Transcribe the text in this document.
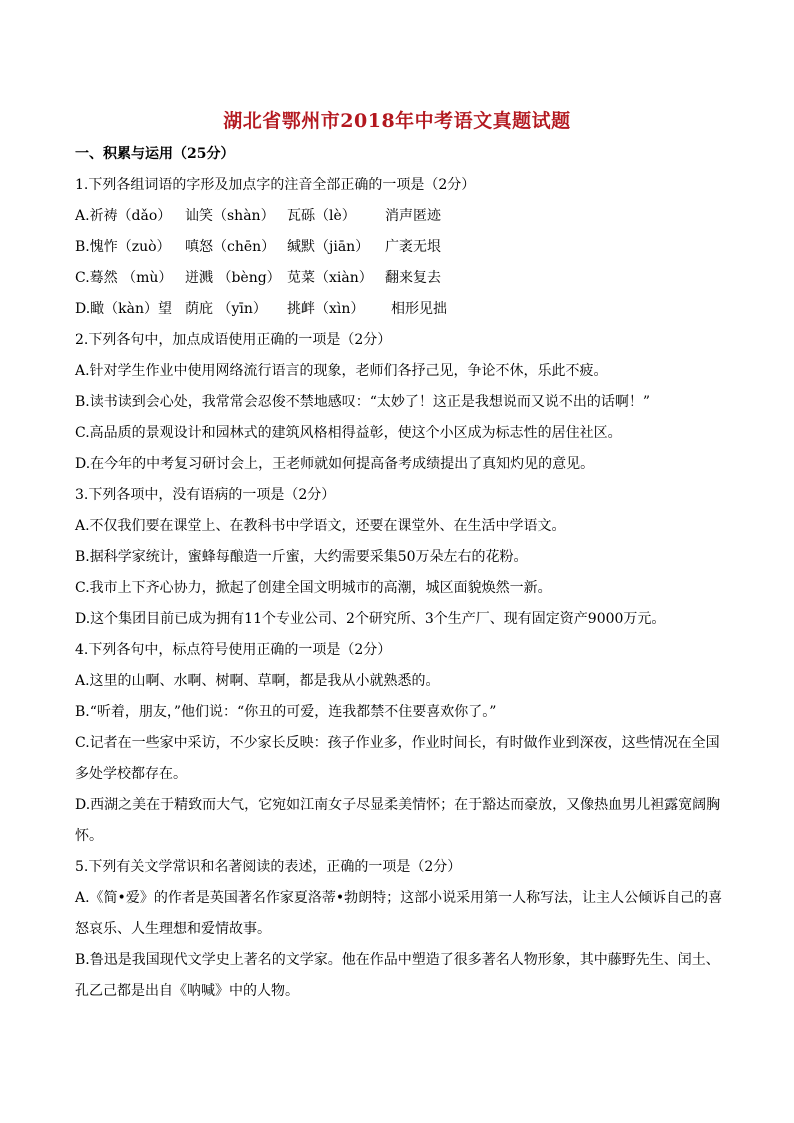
湖北省鄂州市2018年中考语文真题试题
一、积累与运用（25分）
1.下列各组词语的字形及加点字的注音全部正确的一项是（2分）
A.祈祷（dǎo） 讪笑（shàn） 瓦砾（lè）	消声匿迹
B.愧怍（zuò）	嗔怒（chēn） 缄默（jiān）	广袤无垠
C.蓦然 （mù） 迸溅 （bèng） 苋菜（xiàn） 翻来复去
D.瞰（kàn）望 荫庇 （yīn）	挑衅（xìn）	相形见拙
2.下列各句中，加点成语使用正确的一项是（2分）
A.针对学生作业中使用网络流行语言的现象，老师们各抒己见，争论不休，乐此不疲。
B.读书读到会心处，我常常会忍俊不禁地感叹：“太妙了！这正是我想说而又说不出的话啊！”
C.高品质的景观设计和园林式的建筑风格相得益彰，使这个小区成为标志性的居住社区。
D.在今年的中考复习研讨会上，王老师就如何提高备考成绩提出了真知灼见的意见。
3.下列各项中，没有语病的一项是（2分）
A.不仅我们要在课堂上、在教科书中学语文，还要在课堂外、在生活中学语文。
B.据科学家统计，蜜蜂每酿造一斤蜜，大约需要采集50万朵左右的花粉。
C.我市上下齐心协力，掀起了创建全国文明城市的高潮，城区面貌焕然一新。
D.这个集团目前已成为拥有11个专业公司、2个研究所、3个生产厂、现有固定资产9000万元。
4.下列各句中，标点符号使用正确的一项是（2分）
A.这里的山啊、水啊、树啊、草啊，都是我从小就熟悉的。
B.“听着，朋友，”他们说：“你丑的可爱，连我都禁不住要喜欢你了。”
C.记者在一些家中采访，不少家长反映：孩子作业多，作业时间长，有时做作业到深夜，这些情况在全国
多处学校都存在。
D.西湖之美在于精致而大气，它宛如江南女子尽显柔美情怀；在于豁达而豪放，又像热血男儿袒露宽阔胸
怀。
5.下列有关文学常识和名著阅读的表述，正确的一项是（2分）
A.《简•爱》的作者是英国著名作家夏洛蒂•勃朗特；这部小说采用第一人称写法，让主人公倾诉自己的喜
怒哀乐、人生理想和爱情故事。
B.鲁迅是我国现代文学史上著名的文学家。他在作品中塑造了很多著名人物形象，其中藤野先生、闰土、
孔乙己都是出自《呐喊》中的人物。
